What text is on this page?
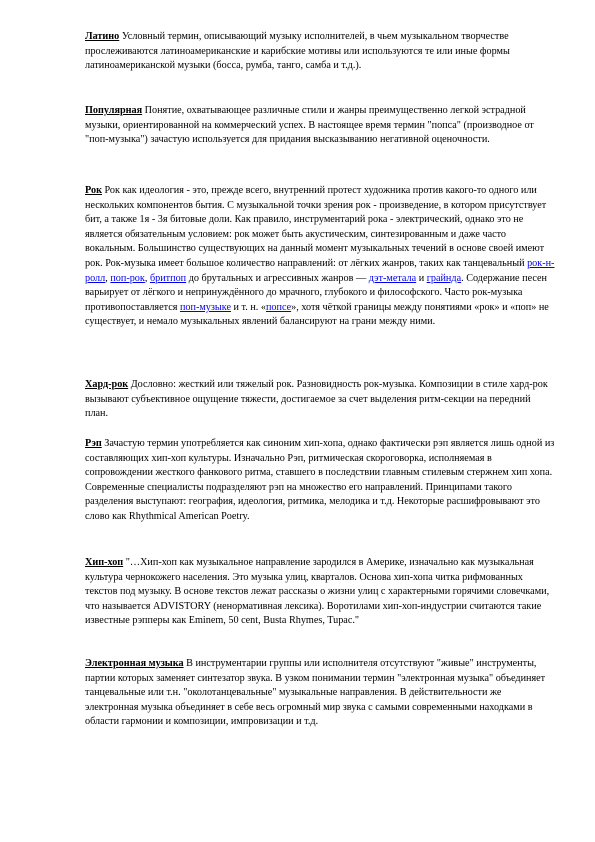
Латино Условный термин, описывающий музыку исполнителей, в чьем музыкальном творчестве прослеживаются латиноамериканские и карибские мотивы или используются те или иные формы латиноамериканской музыки (босса, румба, танго, самба и т.д.).

Популярная Понятие, охватывающее различные стили и жанры преимущественно легкой эстрадной музыки, ориентированной на коммерческий успех. В настоящее время термин "попса" (производное от "поп-музыка") зачастую используется для придания высказыванию негативной оценочности.

Рок Рок как идеология - это, прежде всего, внутренний протест художника против какого-то одного или нескольких компонентов бытия. С музыкальной точки зрения рок - произведение, в котором присутствует бит, а также 1я - 3я битовые доли. Как правило, инструментарий рока - электрический, однако это не является обязательным условием: рок может быть акустическим, синтезированным и даже часто вокальным. Большинство существующих на данный момент музыкальных течений в основе своей имеют рок. Рок-музыка имеет большое количество направлений: от лёгких жанров, таких как танцевальный рок-н-ролл, поп-рок, бритпоп до брутальных и агрессивных жанров — дэт-метала и грайнда. Содержание песен варьирует от лёгкого и непринуждённого до мрачного, глубокого и философского. Часто рок-музыка противопоставляется поп-музыке и т. н. «попсе», хотя чёткой границы между понятиями «рок» и «поп» не существует, и немало музыкальных явлений балансируют на грани между ними.

Хард-рок Дословно: жесткий или тяжелый рок. Разновидность рок-музыка. Композиции в стиле хард-рок вызывают субъективное ощущение тяжести, достигаемое за счет выделения ритм-секции на передний план.

Рэп Зачастую термин употребляется как синоним хип-хопа, однако фактически рэп является лишь одной из составляющих хип-хоп культуры. Изначально Рэп, ритмическая скороговорка, исполняемая в сопровождении жесткого фанкового ритма, ставшего в последствии главным стилевым стержнем хип хопа. Современные специалисты подразделяют рэп на множество его направлений. Принципами такого разделения выступают: география, идеология, ритмика, мелодика и т.д. Некоторые расшифровывают это слово как Rhythmical American Poetry.

Хип-хоп "…Хип-хоп как музыкальное направление зародился в Америке, изначально как музыкальная культура чернокожего населения. Это музыка улиц, кварталов. Основа хип-хопа читка рифмованных текстов под музыку. В основе текстов лежат рассказы о жизни улиц с характерными горячими словечками, что называется ADVISTORY (ненормативная лексика). Воротилами хип-хоп-индустрии считаются такие известные рэпперы как Eminem, 50 cent, Busta Rhymes, Tupac."

Электронная музыка В инструментарии группы или исполнителя отсутствуют "живые" инструменты, партии которых заменяет синтезатор звука. В узком понимании термин "электронная музыка" объединяет танцевальные или т.н. "околотанцевальные" музыкальные направления. В действительности же электронная музыка объединяет в себе весь огромный мир звука с самыми современными находками в области гармонии и композиции, импровизации и т.д.
